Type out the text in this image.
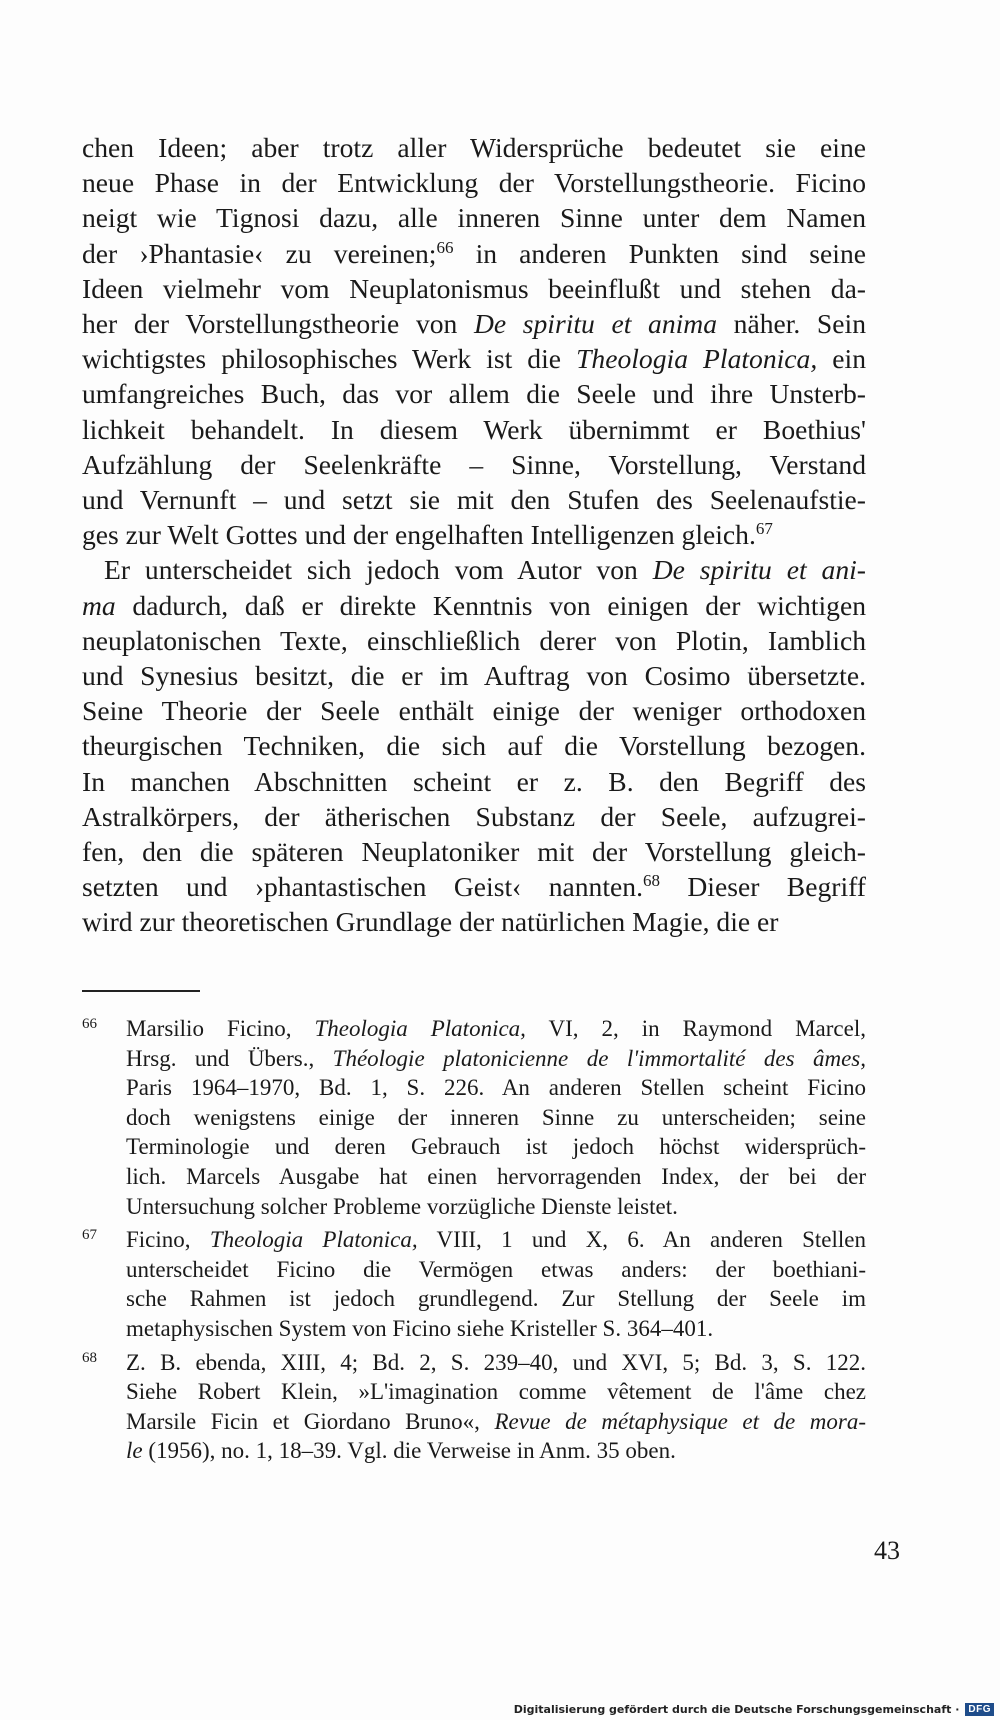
chen Ideen; aber trotz aller Widersprüche bedeutet sie eine
neue Phase in der Entwicklung der Vorstellungstheorie. Ficino
neigt wie Tignosi dazu, alle inneren Sinne unter dem Namen
der ›Phantasie‹ zu vereinen;$^{66}$ in anderen Punkten sind seine
Ideen vielmehr vom Neuplatonismus beeinflußt und stehen da-
her der Vorstellungstheorie von De spiritu et anima näher. Sein
wichtigstes philosophisches Werk ist die Theologia Platonica, ein
umfangreiches Buch, das vor allem die Seele und ihre Unsterb-
lichkeit behandelt. In diesem Werk übernimmt er Boethius'
Aufzählung der Seelenkräfte – Sinne, Vorstellung, Verstand
und Vernunft – und setzt sie mit den Stufen des Seelenaufstie-
ges zur Welt Gottes und der engelhaften Intelligenzen gleich.$^{67}$
Er unterscheidet sich jedoch vom Autor von De spiritu et ani-
ma dadurch, daß er direkte Kenntnis von einigen der wichtigen
neuplatonischen Texte, einschließlich derer von Plotin, Iamblich
und Synesius besitzt, die er im Auftrag von Cosimo übersetzte.
Seine Theorie der Seele enthält einige der weniger orthodoxen
theurgischen Techniken, die sich auf die Vorstellung bezogen.
In manchen Abschnitten scheint er z. B. den Begriff des
Astralkörpers, der ätherischen Substanz der Seele, aufzugrei-
fen, den die späteren Neuplatoniker mit der Vorstellung gleich-
setzten und ›phantastischen Geist‹ nannten.$^{68}$ Dieser Begriff
wird zur theoretischen Grundlage der natürlichen Magie, die er
66 Marsilio Ficino, Theologia Platonica, VI, 2, in Raymond Marcel,
Hrsg. und Übers., Théologie platonicienne de l'immortalité des âmes,
Paris 1964–1970, Bd. 1, S. 226. An anderen Stellen scheint Ficino
doch wenigstens einige der inneren Sinne zu unterscheiden; seine
Terminologie und deren Gebrauch ist jedoch höchst widersprüch-
lich. Marcels Ausgabe hat einen hervorragenden Index, der bei der
Untersuchung solcher Probleme vorzügliche Dienste leistet.
67 Ficino, Theologia Platonica, VIII, 1 und X, 6. An anderen Stellen
unterscheidet Ficino die Vermögen etwas anders: der boethiani-
sche Rahmen ist jedoch grundlegend. Zur Stellung der Seele im
metaphysischen System von Ficino siehe Kristeller S. 364–401.
68 Z. B. ebenda, XIII, 4; Bd. 2, S. 239–40, und XVI, 5; Bd. 3, S. 122.
Siehe Robert Klein, »L'imagination comme vêtement de l'âme chez
Marsile Ficin et Giordano Bruno«, Revue de métaphysique et de mora-
le (1956), no. 1, 18–39. Vgl. die Verweise in Anm. 35 oben.
43
Digitalisierung gefördert durch die Deutsche Forschungsgemeinschaft · DFG
